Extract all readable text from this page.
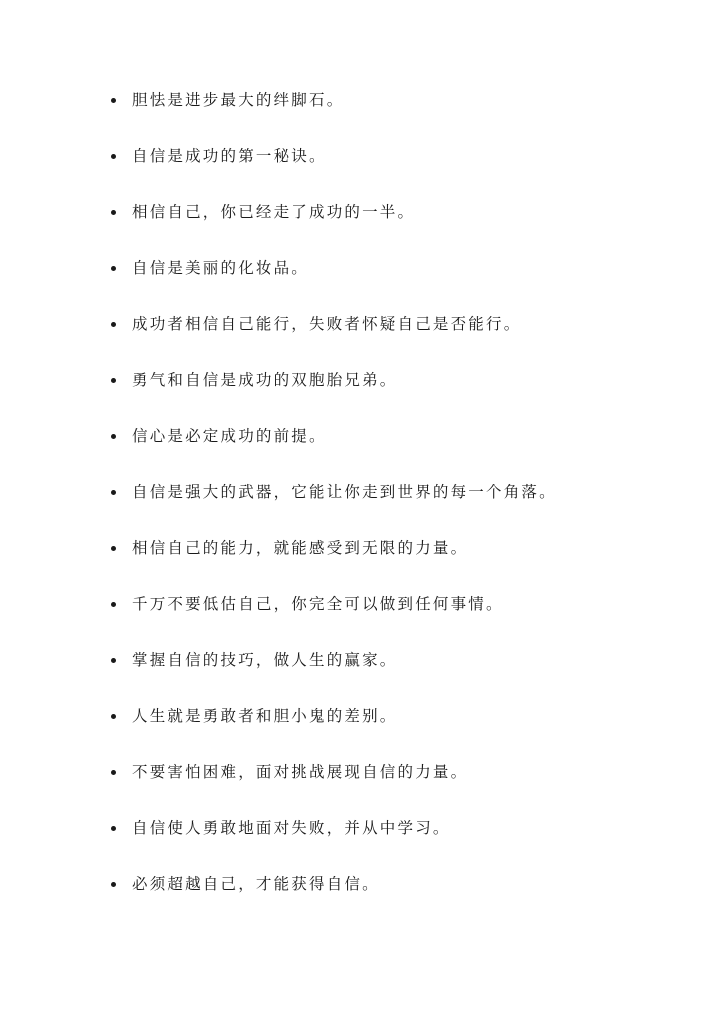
胆怯是进步最大的绊脚石。
自信是成功的第一秘诀。
相信自己，你已经走了成功的一半。
自信是美丽的化妆品。
成功者相信自己能行，失败者怀疑自己是否能行。
勇气和自信是成功的双胞胎兄弟。
信心是必定成功的前提。
自信是强大的武器，它能让你走到世界的每一个角落。
相信自己的能力，就能感受到无限的力量。
千万不要低估自己，你完全可以做到任何事情。
掌握自信的技巧，做人生的赢家。
人生就是勇敢者和胆小鬼的差别。
不要害怕困难，面对挑战展现自信的力量。
自信使人勇敢地面对失败，并从中学习。
必须超越自己，才能获得自信。
